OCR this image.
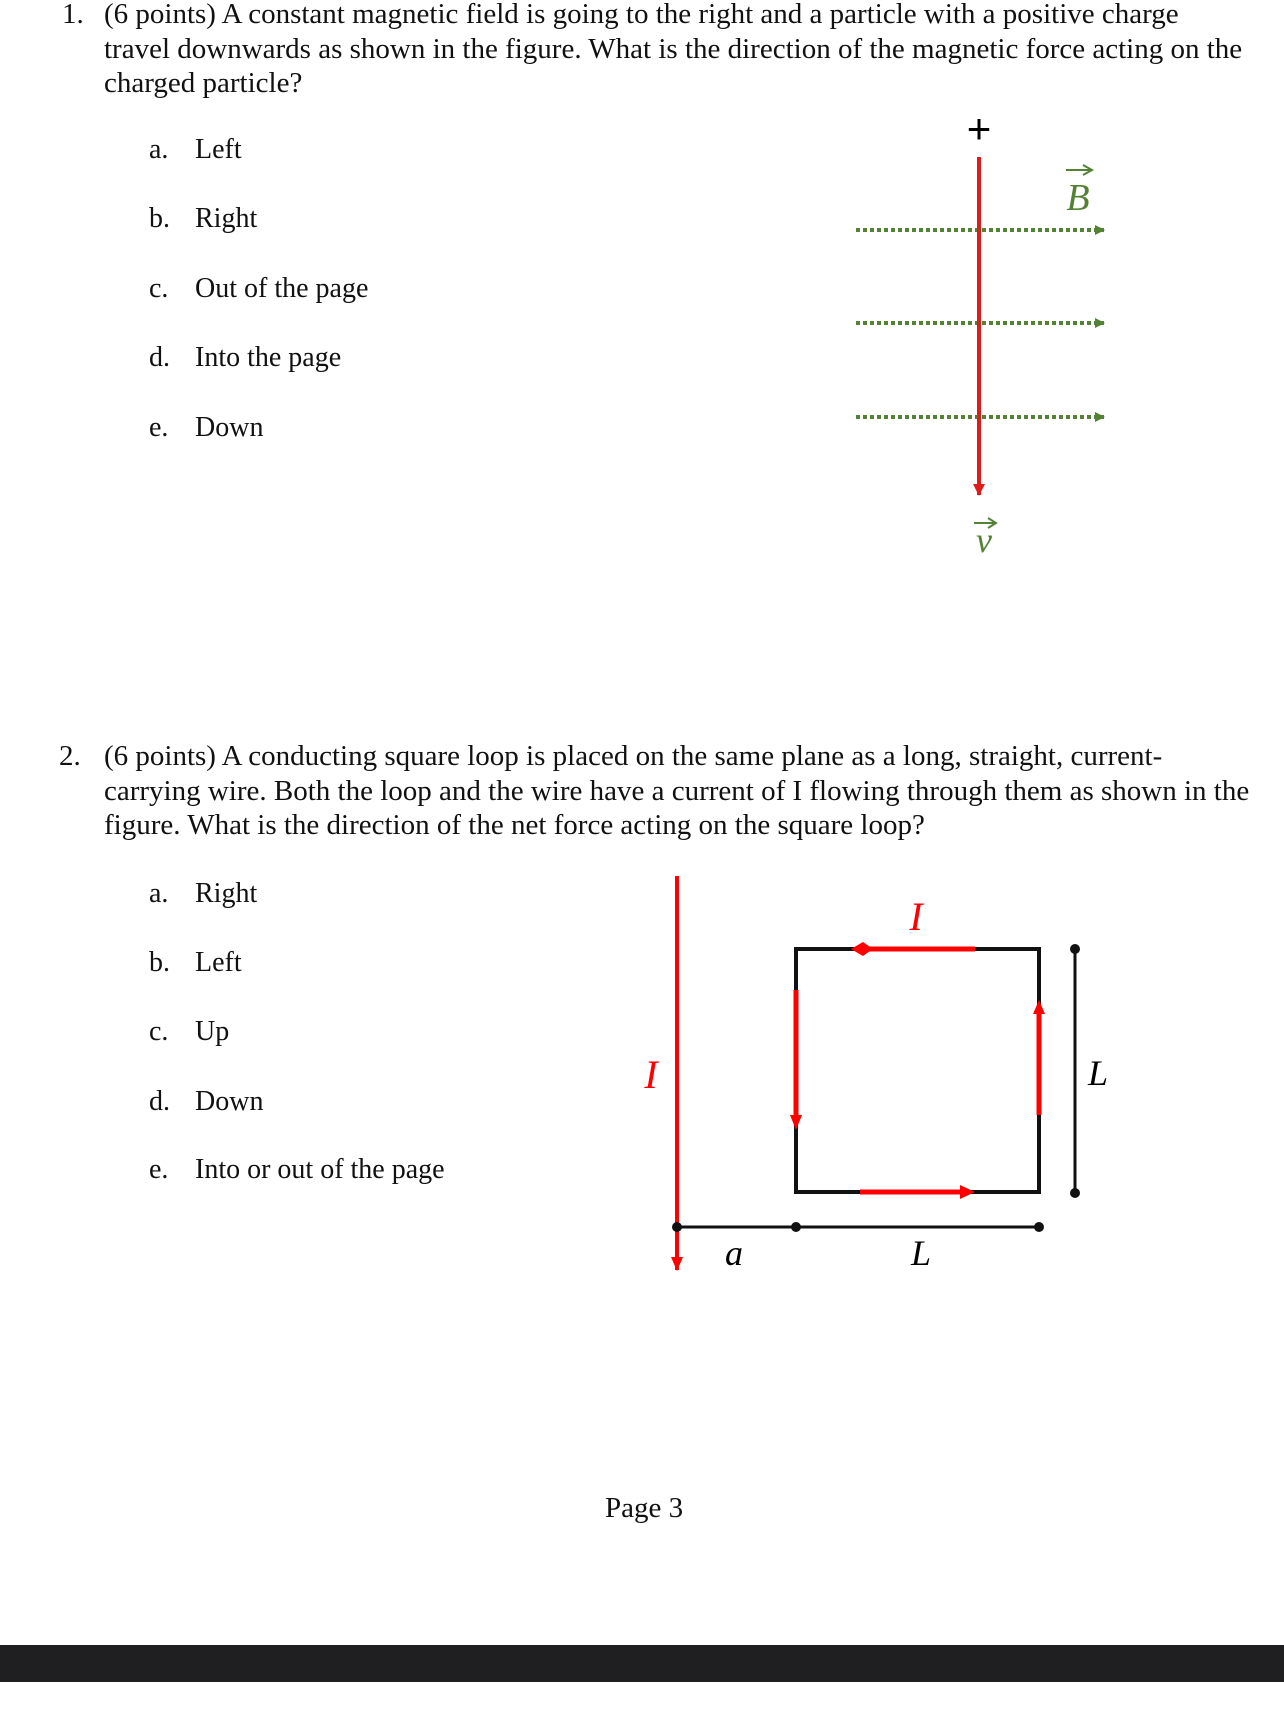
1. (6 points) A constant magnetic field is going to the right and a particle with a positive charge travel downwards as shown in the figure. What is the direction of the magnetic force acting on the charged particle?
a. Left
b. Right
c. Out of the page
d. Into the page
e. Down
+
B
v
2. (6 points) A conducting square loop is placed on the same plane as a long, straight, current-carrying wire. Both the loop and the wire have a current of I flowing through them as shown in the figure. What is the direction of the net force acting on the square loop?
a. Right
b. Left
c. Up
d. Down
e. Into or out of the page
I
I
a	L
L
Page 3
